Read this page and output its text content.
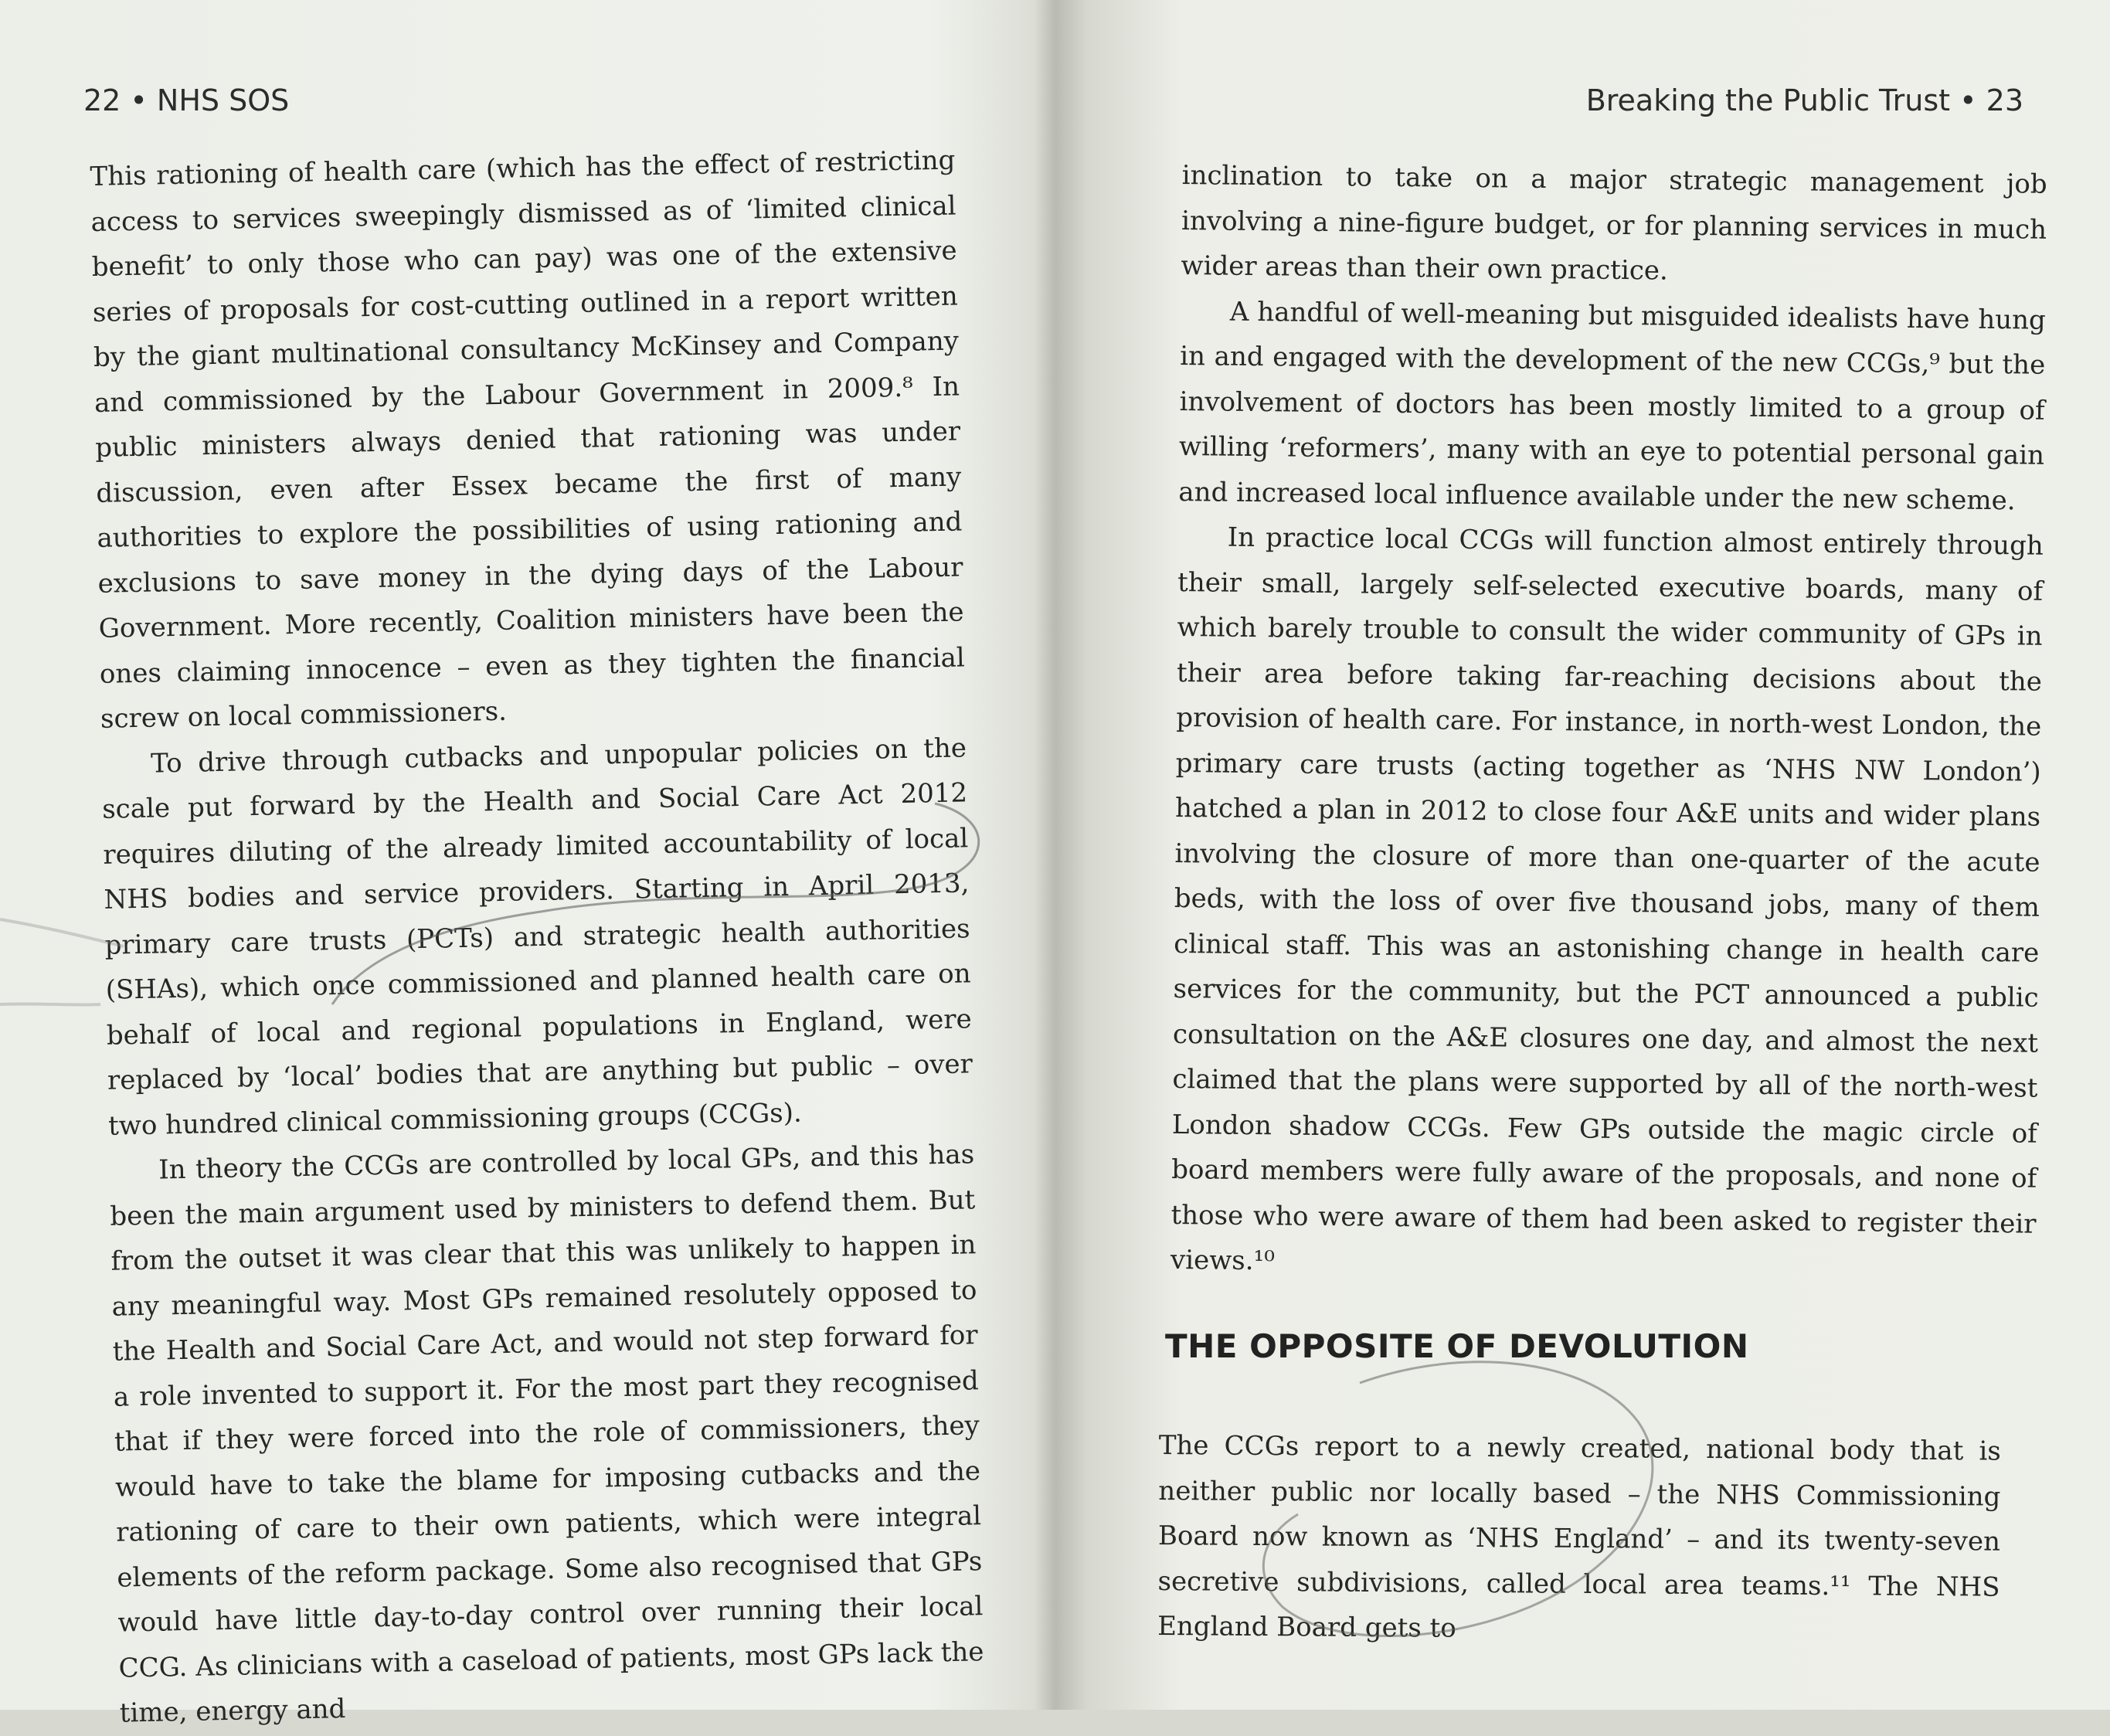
22 • NHS SOS

This rationing of health care (which has the effect of restricting access to services sweepingly dismissed as of ‘limited clinical benefit’ to only those who can pay) was one of the extensive series of proposals for cost-cutting outlined in a report written by the giant multinational consultancy McKinsey and Company and commissioned by the Labour Government in 2009.⁸ In public ministers always denied that rationing was under discussion, even after Essex became the first of many authorities to explore the possibilities of using rationing and exclusions to save money in the dying days of the Labour Government. More recently, Coalition ministers have been the ones claiming innocence – even as they tighten the financial screw on local commissioners.

To drive through cutbacks and unpopular policies on the scale put forward by the Health and Social Care Act 2012 requires diluting of the already limited accountability of local NHS bodies and service providers. Starting in April 2013, primary care trusts (PCTs) and strategic health authorities (SHAs), which once commissioned and planned health care on behalf of local and regional populations in England, were replaced by ‘local’ bodies that are anything but public – over two hundred clinical commissioning groups (CCGs).

In theory the CCGs are controlled by local GPs, and this has been the main argument used by ministers to defend them. But from the outset it was clear that this was unlikely to happen in any meaningful way. Most GPs remained resolutely opposed to the Health and Social Care Act, and would not step forward for a role invented to support it. For the most part they recognised that if they were forced into the role of commissioners, they would have to take the blame for imposing cutbacks and the rationing of care to their own patients, which were integral elements of the reform package. Some also recognised that GPs would have little day-to-day control over running their local CCG. As clinicians with a caseload of patients, most GPs lack the time, energy and

Breaking the Public Trust • 23

inclination to take on a major strategic management job involving a nine-figure budget, or for planning services in much wider areas than their own practice.

A handful of well-meaning but misguided idealists have hung in and engaged with the development of the new CCGs,⁹ but the involvement of doctors has been mostly limited to a group of willing ‘reformers’, many with an eye to potential personal gain and increased local influence available under the new scheme.

In practice local CCGs will function almost entirely through their small, largely self-selected executive boards, many of which barely trouble to consult the wider community of GPs in their area before taking far-reaching decisions about the provision of health care. For instance, in north-west London, the primary care trusts (acting together as ‘NHS NW London’) hatched a plan in 2012 to close four A&E units and wider plans involving the closure of more than one-quarter of the acute beds, with the loss of over five thousand jobs, many of them clinical staff. This was an astonishing change in health care services for the community, but the PCT announced a public consultation on the A&E closures one day, and almost the next claimed that the plans were supported by all of the north-west London shadow CCGs. Few GPs outside the magic circle of board members were fully aware of the proposals, and none of those who were aware of them had been asked to register their views.¹⁰

THE OPPOSITE OF DEVOLUTION

The CCGs report to a newly created, national body that is neither public nor locally based – the NHS Commissioning Board now known as ‘NHS England’ – and its twenty-seven secretive subdivisions, called local area teams.¹¹ The NHS England Board gets to
